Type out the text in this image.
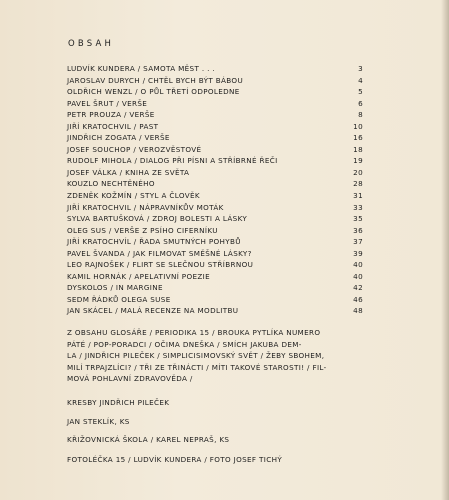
OBSAH
LUDVÍK KUNDERA / SAMOTA MĚST . . .	3
JAROSLAV DURYCH / CHTĚL BYCH BÝT BÁBOU	4
OLDŘICH WENZL / O PŮL TŘETÍ ODPOLEDNE	5
PAVEL ŠRUT / VERŠE	6
PETR PROUZA / VERŠE	8
JIŘÍ KRATOCHVIL / PAST	10
JINDŘICH ZOGATA / VERŠE	16
JOSEF SOUCHOP / VEROZVĚSTOVÉ	18
RUDOLF MIHOLA / DIALOG PŘI PÍSNI A STŘÍBRNÉ ŘEČI	19
JOSEF VÁLKA / KNIHA ZE SVĚTA	20
KOUZLO NECHTĚNÉHO	28
ZDENĚK KOŽMÍN / STYL A ČLOVĚK	31
JIŘÍ KRATOCHVIL / NÁPRAVNÍKŮV MOTÁK	33
SYLVA BARTUŠKOVÁ / ZDROJ BOLESTI A LÁSKY	35
OLEG SUS / VERŠE Z PSÍHO CIFERNÍKU	36
JIŘÍ KRATOCHVÍL / ŘADA SMUTNÝCH POHYBŮ	37
PAVEL ŠVANDA / JAK FILMOVAT SMĚŠNÉ LÁSKY?	39
LEO RAJNOŠEK / FLIRT SE SLEČNOU STŘÍBRNOU	40
KAMIL HORNÁK / APELATIVNÍ POEZIE	40
DYSKOLOS / IN MARGINE	42
SEDM ŘÁDKŮ OLEGA SUSE	46
JAN SKÁCEL / MALÁ RECENZE NA MODLITBU	48
Z OBSAHU GLOSÁŘE / PERIODIKA 15 / BROUKA PYTLÍKA NUMERO
PÁTÉ / POP-PORADCI / OČIMA DNEŠKA / SMÍCH JAKUBA DEM-
LA / JINDŘICH PILEČEK / SIMPLICISIMOVSKÝ SVĚT / ŽEBY SBOHEM,
MILÍ TRPAJZLÍCI? / TŘI ZE TŘINÁCTI / MÍTI TAKOVÉ STAROSTI! / FIL-
MOVÁ POHLAVNÍ ZDRAVOVĚDA /
KRESBY JINDŘICH PILEČEK
JAN STEKLÍK, KS
KŘIŽOVNICKÁ ŠKOLA / KAREL NEPRAŠ, KS
FOTOLÉČKA 15 / LUDVÍK KUNDERA / FOTO JOSEF TICHÝ
